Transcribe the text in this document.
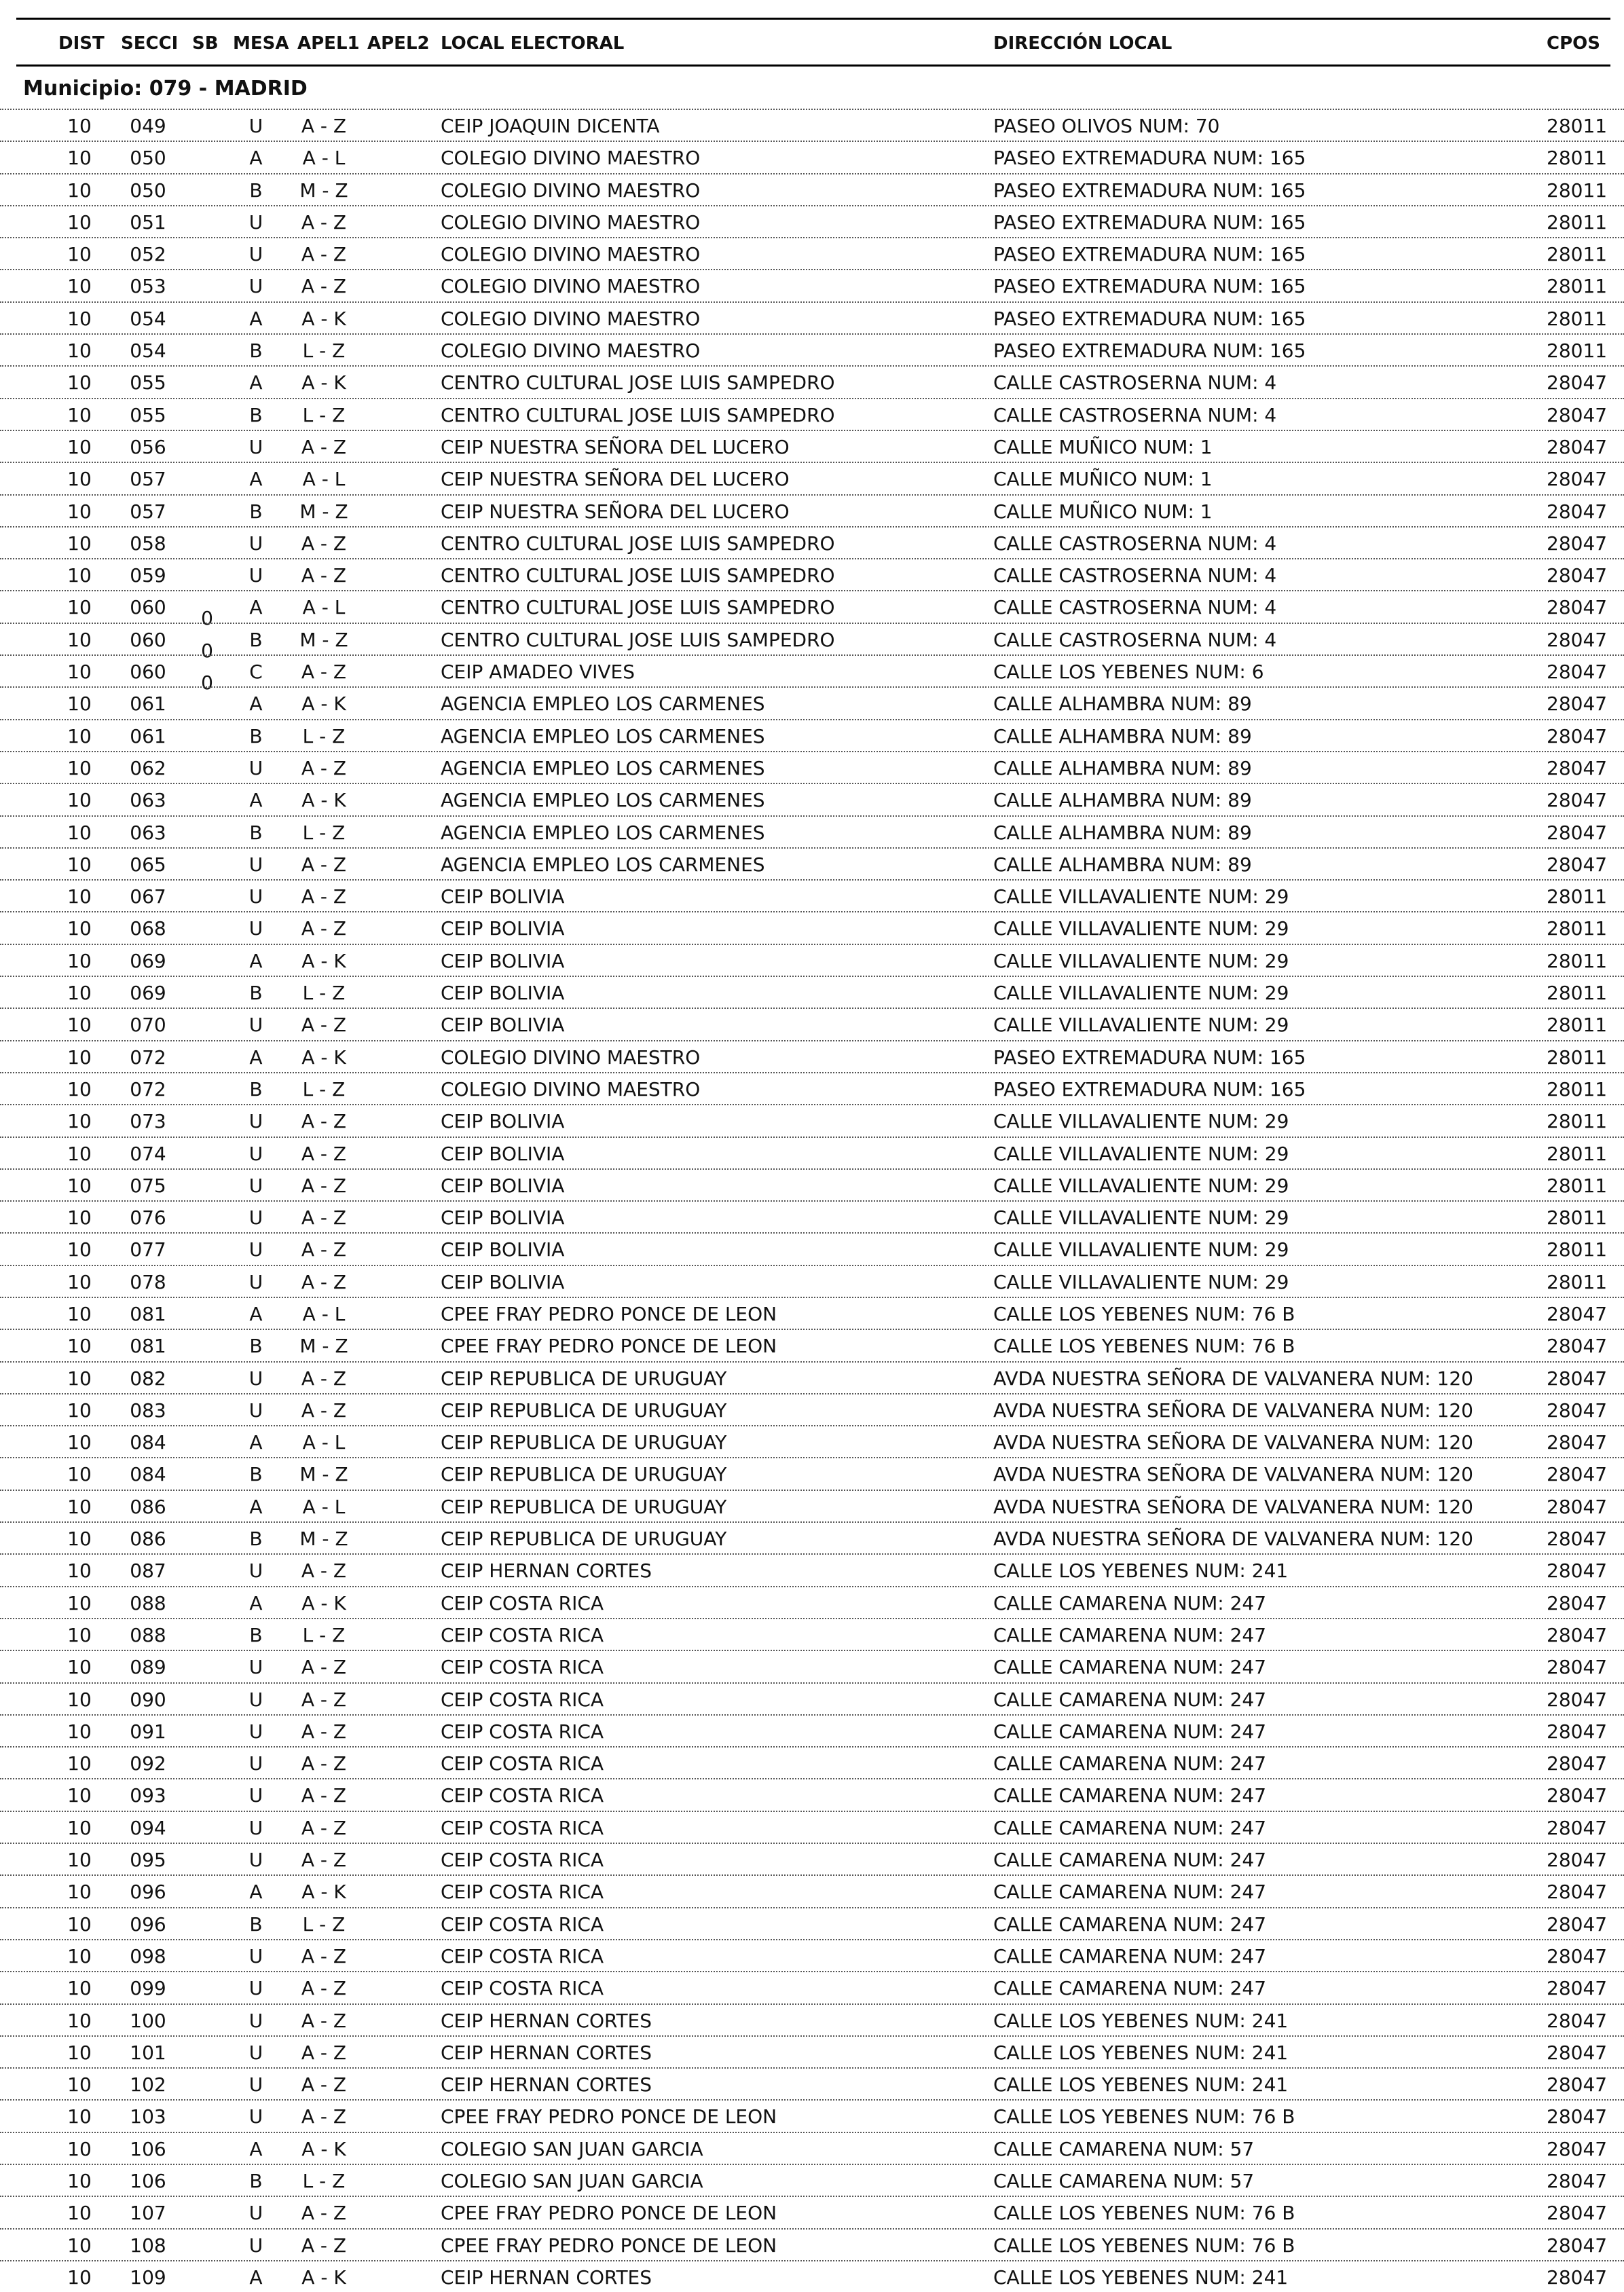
DIST SECCI SB MESA APEL1 APEL2 LOCAL ELECTORAL	DIRECCIÓN LOCAL	CPOS
Municipio: 079 - MADRID
10 049	U A - Z	CEIP JOAQUIN DICENTA	PASEO OLIVOS NUM: 70	28011
10 050	A A - L	COLEGIO DIVINO MAESTRO	PASEO EXTREMADURA NUM: 165	28011
10 050	B M - Z	COLEGIO DIVINO MAESTRO	PASEO EXTREMADURA NUM: 165	28011
10 051	U A - Z	COLEGIO DIVINO MAESTRO	PASEO EXTREMADURA NUM: 165	28011
10 052	U A - Z	COLEGIO DIVINO MAESTRO	PASEO EXTREMADURA NUM: 165	28011
10 053	U A - Z	COLEGIO DIVINO MAESTRO	PASEO EXTREMADURA NUM: 165	28011
10 054	A A - K	COLEGIO DIVINO MAESTRO	PASEO EXTREMADURA NUM: 165	28011
10 054	B L - Z	COLEGIO DIVINO MAESTRO	PASEO EXTREMADURA NUM: 165	28011
10 055	A A - K	CENTRO CULTURAL JOSE LUIS SAMPEDRO	CALLE CASTROSERNA NUM: 4	28047
10 055	B L - Z	CENTRO CULTURAL JOSE LUIS SAMPEDRO	CALLE CASTROSERNA NUM: 4	28047
10 056	U A - Z	CEIP NUESTRA SEÑORA DEL LUCERO	CALLE MUÑICO NUM: 1	28047
10 057	A A - L	CEIP NUESTRA SEÑORA DEL LUCERO	CALLE MUÑICO NUM: 1	28047
10 057	B M - Z	CEIP NUESTRA SEÑORA DEL LUCERO	CALLE MUÑICO NUM: 1	28047
10 058	U A - Z	CENTRO CULTURAL JOSE LUIS SAMPEDRO	CALLE CASTROSERNA NUM: 4	28047
10 059	U A - Z	CENTRO CULTURAL JOSE LUIS SAMPEDRO	CALLE CASTROSERNA NUM: 4	28047
10 060 0 A A - L	CENTRO CULTURAL JOSE LUIS SAMPEDRO	CALLE CASTROSERNA NUM: 4	28047
10 060 0 B M - Z	CENTRO CULTURAL JOSE LUIS SAMPEDRO	CALLE CASTROSERNA NUM: 4	28047
10 060 0 C A - Z	CEIP AMADEO VIVES	CALLE LOS YEBENES NUM: 6	28047
10 061	A A - K	AGENCIA EMPLEO LOS CARMENES	CALLE ALHAMBRA NUM: 89	28047
10 061	B L - Z	AGENCIA EMPLEO LOS CARMENES	CALLE ALHAMBRA NUM: 89	28047
10 062	U A - Z	AGENCIA EMPLEO LOS CARMENES	CALLE ALHAMBRA NUM: 89	28047
10 063	A A - K	AGENCIA EMPLEO LOS CARMENES	CALLE ALHAMBRA NUM: 89	28047
10 063	B L - Z	AGENCIA EMPLEO LOS CARMENES	CALLE ALHAMBRA NUM: 89	28047
10 065	U A - Z	AGENCIA EMPLEO LOS CARMENES	CALLE ALHAMBRA NUM: 89	28047
10 067	U A - Z	CEIP BOLIVIA	CALLE VILLAVALIENTE NUM: 29	28011
10 068	U A - Z	CEIP BOLIVIA	CALLE VILLAVALIENTE NUM: 29	28011
10 069	A A - K	CEIP BOLIVIA	CALLE VILLAVALIENTE NUM: 29	28011
10 069	B L - Z	CEIP BOLIVIA	CALLE VILLAVALIENTE NUM: 29	28011
10 070	U A - Z	CEIP BOLIVIA	CALLE VILLAVALIENTE NUM: 29	28011
10 072	A A - K	COLEGIO DIVINO MAESTRO	PASEO EXTREMADURA NUM: 165	28011
10 072	B L - Z	COLEGIO DIVINO MAESTRO	PASEO EXTREMADURA NUM: 165	28011
10 073	U A - Z	CEIP BOLIVIA	CALLE VILLAVALIENTE NUM: 29	28011
10 074	U A - Z	CEIP BOLIVIA	CALLE VILLAVALIENTE NUM: 29	28011
10 075	U A - Z	CEIP BOLIVIA	CALLE VILLAVALIENTE NUM: 29	28011
10 076	U A - Z	CEIP BOLIVIA	CALLE VILLAVALIENTE NUM: 29	28011
10 077	U A - Z	CEIP BOLIVIA	CALLE VILLAVALIENTE NUM: 29	28011
10 078	U A - Z	CEIP BOLIVIA	CALLE VILLAVALIENTE NUM: 29	28011
10 081	A A - L	CPEE FRAY PEDRO PONCE DE LEON	CALLE LOS YEBENES NUM: 76 B	28047
10 081	B M - Z	CPEE FRAY PEDRO PONCE DE LEON	CALLE LOS YEBENES NUM: 76 B	28047
10 082	U A - Z	CEIP REPUBLICA DE URUGUAY	AVDA NUESTRA SEÑORA DE VALVANERA NUM: 120	28047
10 083	U A - Z	CEIP REPUBLICA DE URUGUAY	AVDA NUESTRA SEÑORA DE VALVANERA NUM: 120	28047
10 084	A A - L	CEIP REPUBLICA DE URUGUAY	AVDA NUESTRA SEÑORA DE VALVANERA NUM: 120	28047
10 084	B M - Z	CEIP REPUBLICA DE URUGUAY	AVDA NUESTRA SEÑORA DE VALVANERA NUM: 120	28047
10 086	A A - L	CEIP REPUBLICA DE URUGUAY	AVDA NUESTRA SEÑORA DE VALVANERA NUM: 120	28047
10 086	B M - Z	CEIP REPUBLICA DE URUGUAY	AVDA NUESTRA SEÑORA DE VALVANERA NUM: 120	28047
10 087	U A - Z	CEIP HERNAN CORTES	CALLE LOS YEBENES NUM: 241	28047
10 088	A A - K	CEIP COSTA RICA	CALLE CAMARENA NUM: 247	28047
10 088	B L - Z	CEIP COSTA RICA	CALLE CAMARENA NUM: 247	28047
10 089	U A - Z	CEIP COSTA RICA	CALLE CAMARENA NUM: 247	28047
10 090	U A - Z	CEIP COSTA RICA	CALLE CAMARENA NUM: 247	28047
10 091	U A - Z	CEIP COSTA RICA	CALLE CAMARENA NUM: 247	28047
10 092	U A - Z	CEIP COSTA RICA	CALLE CAMARENA NUM: 247	28047
10 093	U A - Z	CEIP COSTA RICA	CALLE CAMARENA NUM: 247	28047
10 094	U A - Z	CEIP COSTA RICA	CALLE CAMARENA NUM: 247	28047
10 095	U A - Z	CEIP COSTA RICA	CALLE CAMARENA NUM: 247	28047
10 096	A A - K	CEIP COSTA RICA	CALLE CAMARENA NUM: 247	28047
10 096	B L - Z	CEIP COSTA RICA	CALLE CAMARENA NUM: 247	28047
10 098	U A - Z	CEIP COSTA RICA	CALLE CAMARENA NUM: 247	28047
10 099	U A - Z	CEIP COSTA RICA	CALLE CAMARENA NUM: 247	28047
10 100	U A - Z	CEIP HERNAN CORTES	CALLE LOS YEBENES NUM: 241	28047
10 101	U A - Z	CEIP HERNAN CORTES	CALLE LOS YEBENES NUM: 241	28047
10 102	U A - Z	CEIP HERNAN CORTES	CALLE LOS YEBENES NUM: 241	28047
10 103	U A - Z	CPEE FRAY PEDRO PONCE DE LEON	CALLE LOS YEBENES NUM: 76 B	28047
10 106	A A - K	COLEGIO SAN JUAN GARCIA	CALLE CAMARENA NUM: 57	28047
10 106	B L - Z	COLEGIO SAN JUAN GARCIA	CALLE CAMARENA NUM: 57	28047
10 107	U A - Z	CPEE FRAY PEDRO PONCE DE LEON	CALLE LOS YEBENES NUM: 76 B	28047
10 108	U A - Z	CPEE FRAY PEDRO PONCE DE LEON	CALLE LOS YEBENES NUM: 76 B	28047
10 109	A A - K	CEIP HERNAN CORTES	CALLE LOS YEBENES NUM: 241	28047
